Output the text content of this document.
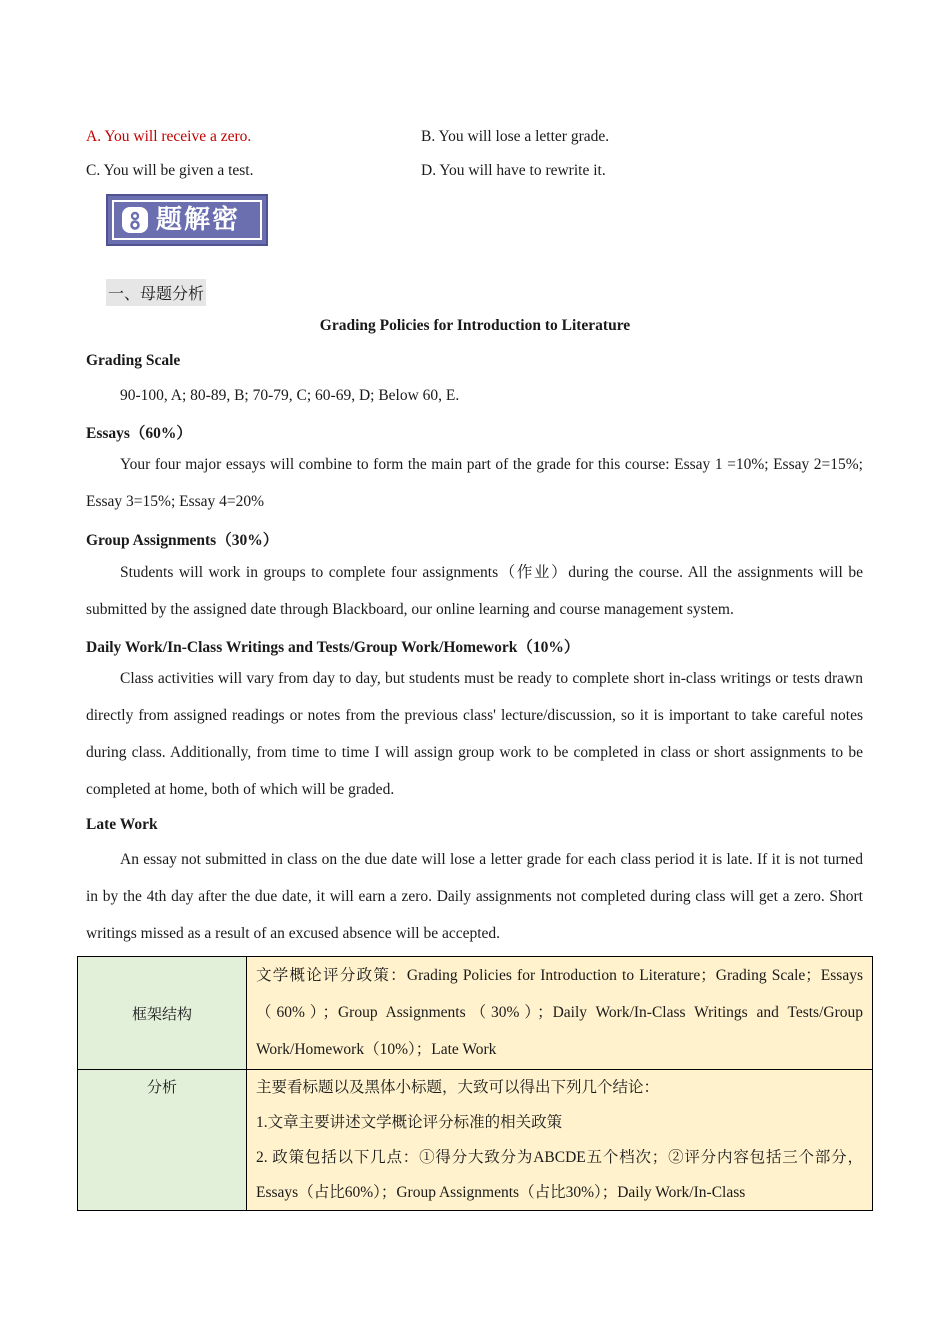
A. You will receive a zero.	B. You will lose a letter grade.
C. You will be given a test.	D. You will have to rewrite it.
题解密
一、母题分析
Grading Policies for Introduction to Literature
Grading Scale

90-100, A; 80-89, B; 70-79, C; 60-69, D; Below 60, E.

Essays（60%）

Your four major essays will combine to form the main part of the grade for this course: Essay 1 =10%; Essay 2=15%; Essay 3=15%; Essay 4=20%

Group Assignments（30%）

Students will work in groups to complete four assignments（作业）during the course. All the assignments will be submitted by the assigned date through Blackboard, our online learning and course management system.

Daily Work/In-Class Writings and Tests/Group Work/Homework（10%）

Class activities will vary from day to day, but students must be ready to complete short in-class writings or tests drawn directly from assigned readings or notes from the previous class' lecture/discussion, so it is important to take careful notes during class. Additionally, from time to time I will assign group work to be completed in class or short assignments to be completed at home, both of which will be graded.

Late Work

An essay not submitted in class on the due date will lose a letter grade for each class period it is late. If it is not turned in by the 4th day after the due date, it will earn a zero. Daily assignments not completed during class will get a zero. Short writings missed as a result of an excused absence will be accepted.

框架结构	文学概论评分政策：Grading Policies for Introduction to Literature；Grading Scale；Essays（60%）；Group Assignments（30%）；Daily Work/In-Class Writings and Tests/Group Work/Homework（10%）；Late Work

分析	主要看标题以及黑体小标题，大致可以得出下列几个结论：
1.文章主要讲述文学概论评分标准的相关政策
2. 政策包括以下几点：①得分大致分为ABCDE五个档次；②评分内容包括三个部分，Essays（占比60%）；Group Assignments（占比30%）；Daily Work/In-Class
